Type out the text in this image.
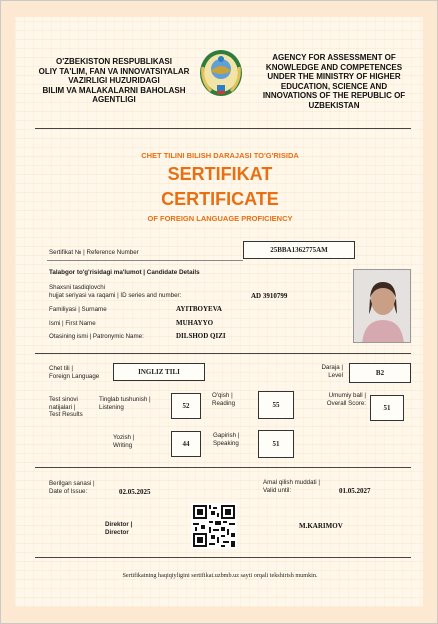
O'ZBEKISTON RESPUBLIKASI
OLIY TA'LIM, FAN VA INNOVATSIYALAR
VAZIRLIGI HUZURIDAGI
BILIM VA MALAKALARNI BAHOLASH
AGENTLIGI
AGENCY FOR ASSESSMENT OF
KNOWLEDGE AND COMPETENCES
UNDER THE MINISTRY OF HIGHER
EDUCATION, SCIENCE AND
INNOVATIONS OF THE REPUBLIC OF
UZBEKISTAN
CHET TILINI BILISH DARAJASI TO'G'RISIDA
SERTIFIKAT
CERTIFICATE
OF FOREIGN LANGUAGE PROFICIENCY
Sertifikat № | Reference Number	25BBA1362775AM
Talabgor to'g'risidagi ma'lumot | Candidate Details
Shaxsni tasdiqlovchi
hujjat seriyasi va raqami | ID series and number:	AD 3910799
Familiyasi | Surname	AYITBOYEVA
Ismi | First Name	MUHAYYO
Otasining ismi | Patronymic Name:	DILSHOD QIZI
Chet tili |
Foreign Language	INGLIZ TILI
Daraja |
Level	B2
Test sinovi
natijalari |
Test Results
Tinglab tushunish |
Listening	52
O'qish |
Reading	55
Umumiy ball |
Overall Score:
51
Yozish |
Writing	44
Gapirish |
Speaking	51
Berilgan sanasi |
Date of Issue:	02.05.2025
Amal qilish muddati |
Valid until:	01.05.2027
Direktor |
Director
M.KARIMOV
Sertifikatning haqiqiyligini sertifikat.uzbmb.uz sayti orqali tekshirish mumkin.
